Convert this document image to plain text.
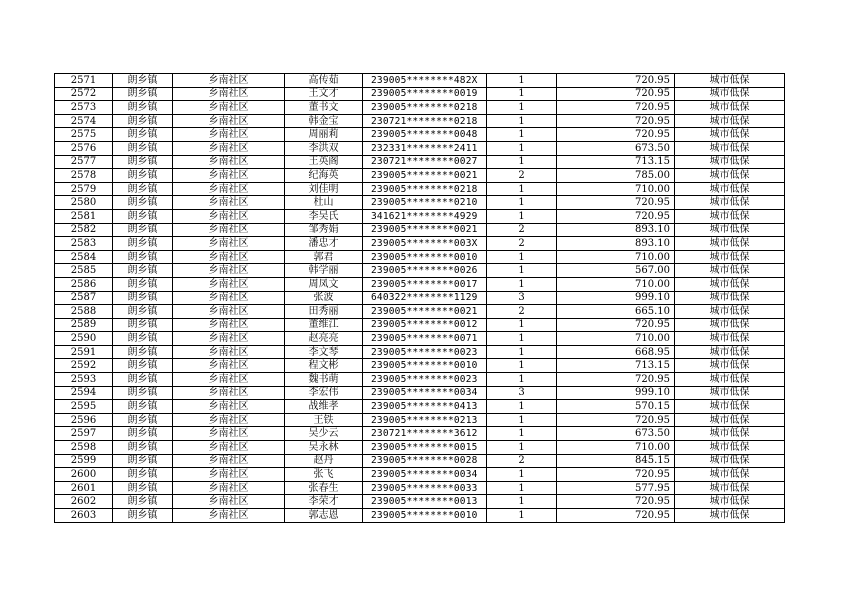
2571	朗乡镇	乡南社区	高传茹	239005********482X	1	720.95	城市低保
2572	朗乡镇	乡南社区	王文才	239005********0019	1	720.95	城市低保
2573	朗乡镇	乡南社区	董书文	239005********0218	1	720.95	城市低保
2574	朗乡镇	乡南社区	韩金宝	230721********0218	1	720.95	城市低保
2575	朗乡镇	乡南社区	周丽莉	239005********0048	1	720.95	城市低保
2576	朗乡镇	乡南社区	李洪双	232331********2411	1	673.50	城市低保
2577	朗乡镇	乡南社区	王英阁	230721********0027	1	713.15	城市低保
2578	朗乡镇	乡南社区	纪海英	239005********0021	2	785.00	城市低保
2579	朗乡镇	乡南社区	刘佳明	239005********0218	1	710.00	城市低保
2580	朗乡镇	乡南社区	杜山	239005********0210	1	720.95	城市低保
2581	朗乡镇	乡南社区	李吴氏	341621********4929	1	720.95	城市低保
2582	朗乡镇	乡南社区	邹秀娟	239005********0021	2	893.10	城市低保
2583	朗乡镇	乡南社区	潘忠才	239005********003X	2	893.10	城市低保
2584	朗乡镇	乡南社区	郭君	239005********0010	1	710.00	城市低保
2585	朗乡镇	乡南社区	韩学丽	239005********0026	1	567.00	城市低保
2586	朗乡镇	乡南社区	周凤文	239005********0017	1	710.00	城市低保
2587	朗乡镇	乡南社区	张波	640322********1129	3	999.10	城市低保
2588	朗乡镇	乡南社区	田秀丽	239005********0021	2	665.10	城市低保
2589	朗乡镇	乡南社区	董维江	239005********0012	1	720.95	城市低保
2590	朗乡镇	乡南社区	赵亮亮	239005********0071	1	710.00	城市低保
2591	朗乡镇	乡南社区	李文琴	239005********0023	1	668.95	城市低保
2592	朗乡镇	乡南社区	程文彬	239005********0010	1	713.15	城市低保
2593	朗乡镇	乡南社区	魏书萌	239005********0023	1	720.95	城市低保
2594	朗乡镇	乡南社区	李宏伟	239005********0034	3	999.10	城市低保
2595	朗乡镇	乡南社区	战维孝	239005********0413	1	570.15	城市低保
2596	朗乡镇	乡南社区	王铁	239005********0213	1	720.95	城市低保
2597	朗乡镇	乡南社区	吴少云	230721********3612	1	673.50	城市低保
2598	朗乡镇	乡南社区	吴永林	239005********0015	1	710.00	城市低保
2599	朗乡镇	乡南社区	赵丹	239005********0028	2	845.15	城市低保
2600	朗乡镇	乡南社区	张飞	239005********0034	1	720.95	城市低保
2601	朗乡镇	乡南社区	张春生	239005********0033	1	577.95	城市低保
2602	朗乡镇	乡南社区	李荣才	239005********0013	1	720.95	城市低保
2603	朗乡镇	乡南社区	郭志恩	239005********0010	1	720.95	城市低保
